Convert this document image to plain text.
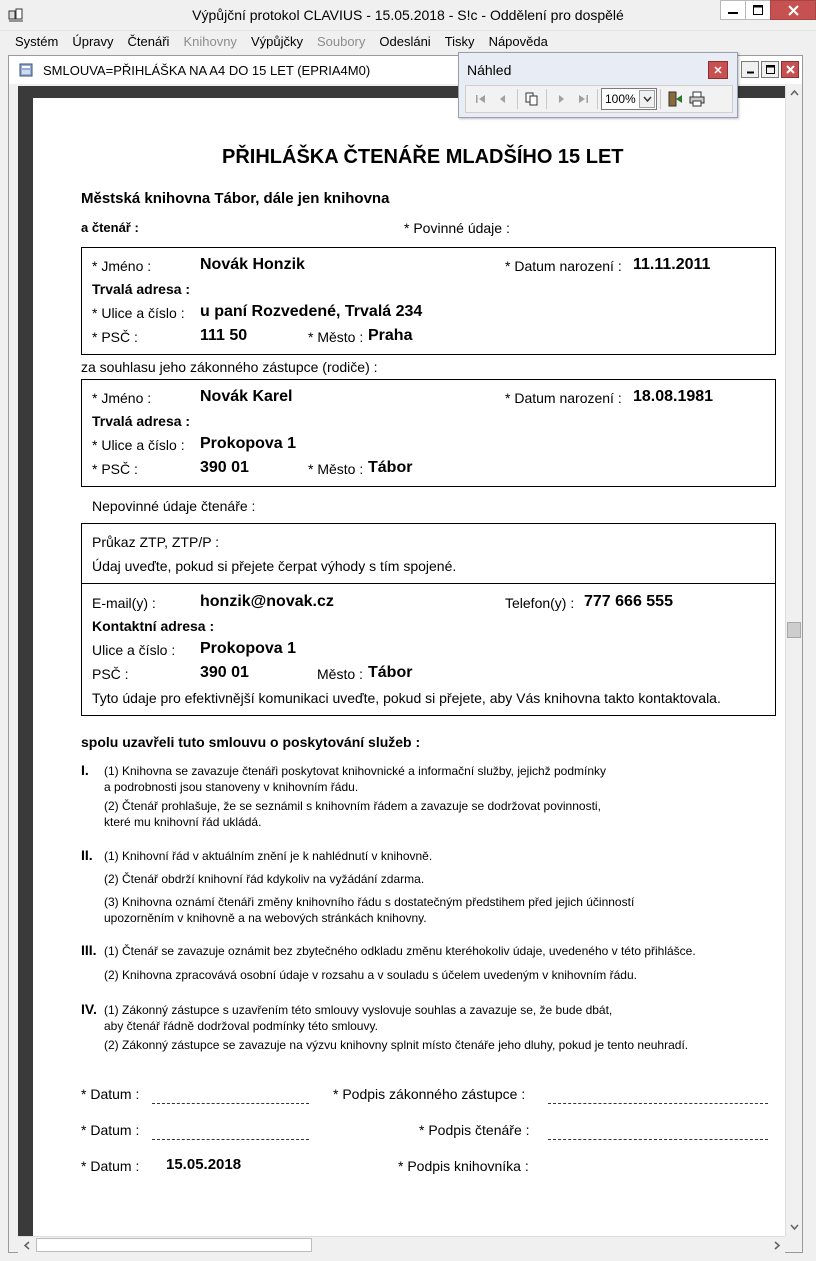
Výpůjční protokol CLAVIUS - 15.05.2018 - S!c - Oddělení pro dospělé
Systém	Úpravy	Čtenáři	Knihovny	Výpůjčky	Soubory	Odesláni	Tisky	Nápověda
SMLOUVA=PŘIHLÁŠKA NA A4 DO 15 LET (EPRIA4M0)
PŘIHLÁŠKA ČTENÁŘE MLADŠÍHO 15 LET
Městská knihovna Tábor, dále jen knihovna
a čtenář :	* Povinné údaje :
* Jméno :	Novák Honzik	* Datum narození : 11.11.2011
Trvalá adresa :
* Ulice a číslo : u paní Rozvedené, Trvalá 234
* PSČ :	111 50	* Město : Praha
za souhlasu jeho zákonného zástupce (rodiče) :
* Jméno :	Novák Karel	* Datum narození : 18.08.1981
Trvalá adresa :
* Ulice a číslo : Prokopova 1
* PSČ :	390 01	* Město : Tábor
Nepovinné údaje čtenáře :
Průkaz ZTP, ZTP/P :
Údaj uveďte, pokud si přejete čerpat výhody s tím spojené.
E-mail(y) :	honzik@novak.cz	Telefon(y) : 777 666 555
Kontaktní adresa :
Ulice a číslo : Prokopova 1
PSČ :	390 01	Město : Tábor
Tyto údaje pro efektivnější komunikaci uveďte, pokud si přejete, aby Vás knihovna takto kontaktovala.
spolu uzavřeli tuto smlouvu o poskytování služeb :
I. (1) Knihovna se zavazuje čtenáři poskytovat knihovnické a informační služby, jejichž podmínky
a podrobnosti jsou stanoveny v knihovním řádu.
(2) Čtenář prohlašuje, že se seznámil s knihovním řádem a zavazuje se dodržovat povinnosti,
které mu knihovní řád ukládá.
II. (1) Knihovní řád v aktuálním znění je k nahlédnutí v knihovně.
(2) Čtenář obdrží knihovní řád kdykoliv na vyžádání zdarma.
(3) Knihovna oznámí čtenáři změny knihovního řádu s dostatečným předstihem před jejich účinností
upozorněním v knihovně a na webových stránkách knihovny.
III. (1) Čtenář se zavazuje oznámit bez zbytečného odkladu změnu kteréhokoliv údaje, uvedeného v této přihlášce.
(2) Knihovna zpracovává osobní údaje v rozsahu a v souladu s účelem uvedeným v knihovním řádu.
IV. (1) Zákonný zástupce s uzavřením této smlouvy vyslovuje souhlas a zavazuje se, že bude dbát,
aby čtenář řádně dodržoval podmínky této smlouvy.
(2) Zákonný zástupce se zavazuje na výzvu knihovny splnit místo čtenáře jeho dluhy, pokud je tento neuhradí.
* Datum :	* Podpis zákonného zástupce :
* Datum :	* Podpis čtenáře :
* Datum : 15.05.2018	* Podpis knihovníka :
Náhled
100%
